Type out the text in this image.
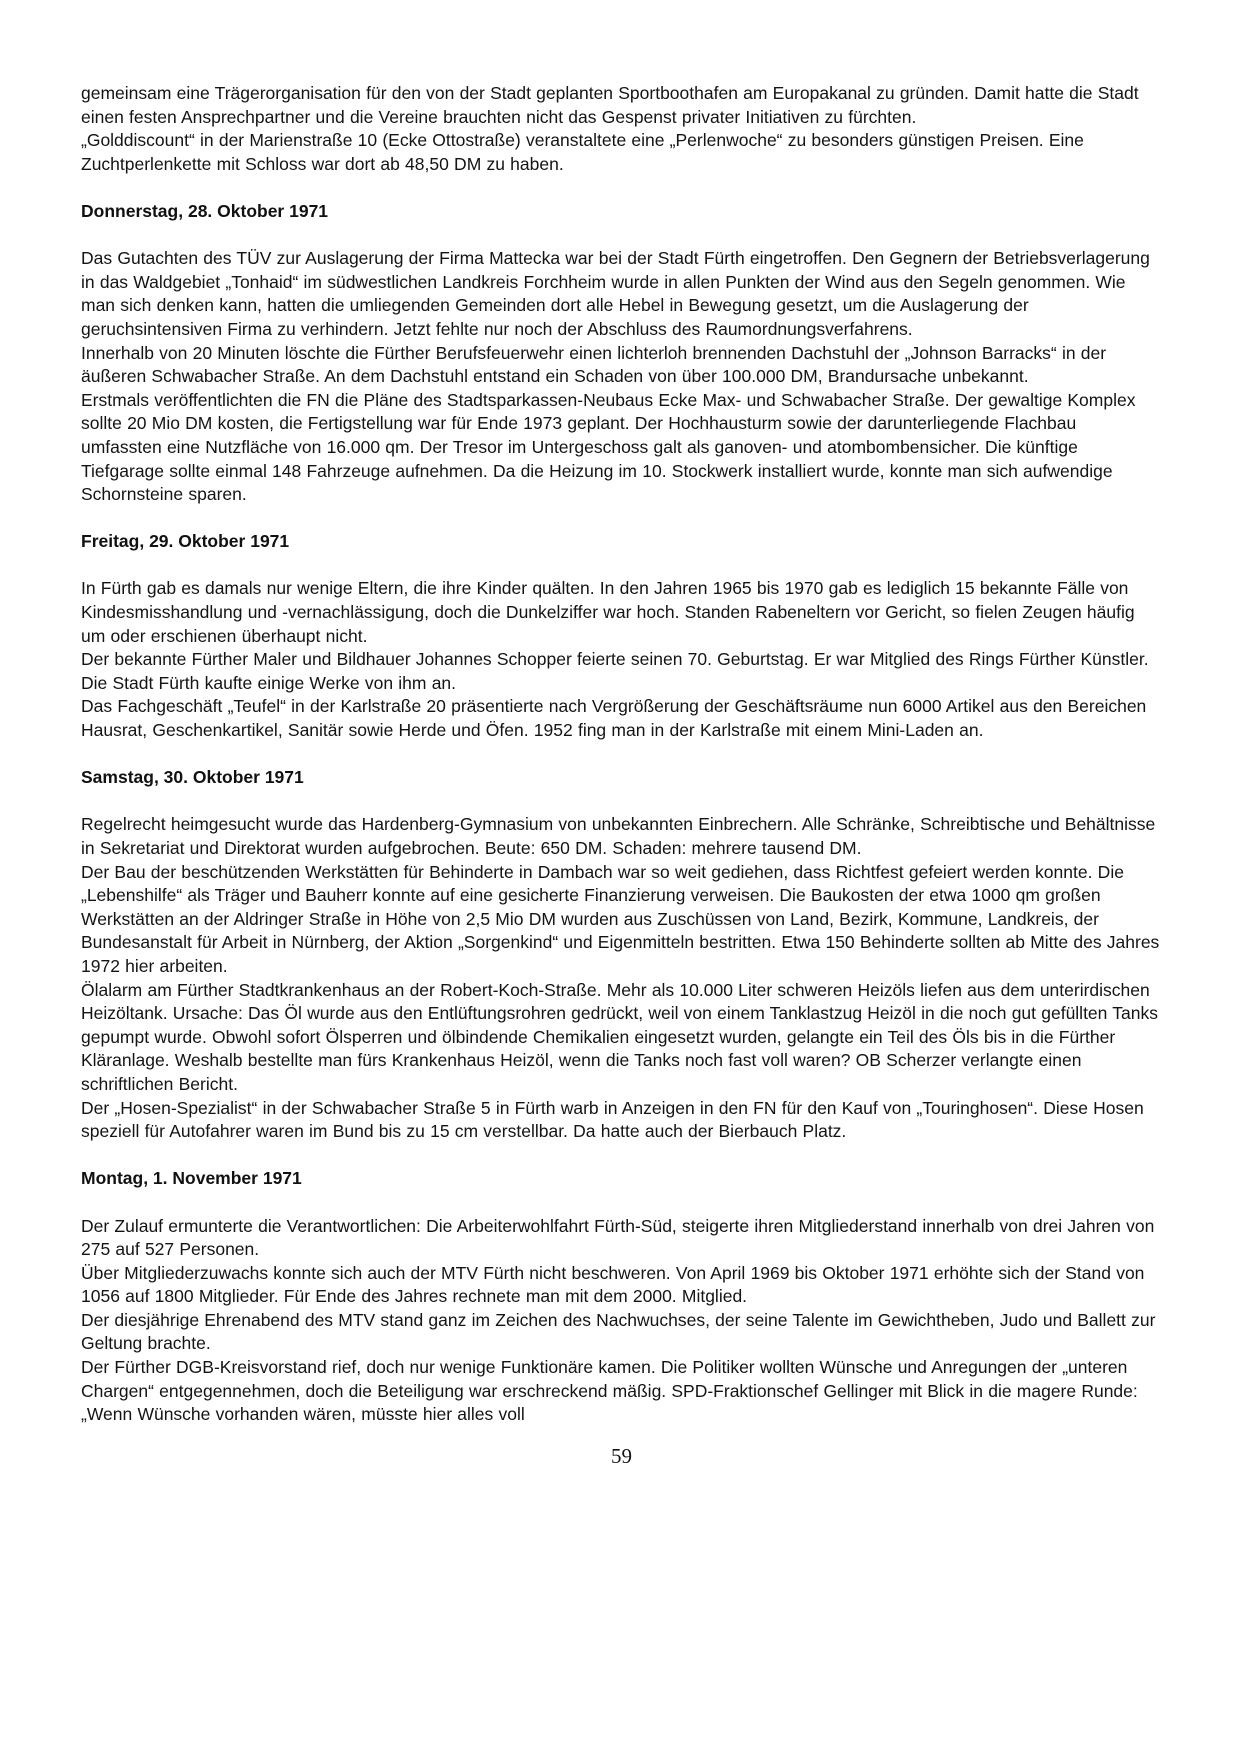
gemeinsam eine Trägerorganisation für den von der Stadt geplanten Sportboothafen am Europakanal zu gründen. Damit hatte die Stadt einen festen Ansprechpartner und die Vereine brauchten nicht das Gespenst privater Initiativen zu fürchten.

„Golddiscount“ in der Marienstraße 10 (Ecke Ottostraße) veranstaltete eine „Perlenwoche“ zu besonders günstigen Preisen. Eine Zuchtperlenkette mit Schloss war dort ab 48,50 DM zu haben.

Donnerstag, 28. Oktober 1971

Das Gutachten des TÜV zur Auslagerung der Firma Mattecka war bei der Stadt Fürth eingetroffen. Den Gegnern der Betriebsverlagerung in das Waldgebiet „Tonhaid“ im südwestlichen Landkreis Forchheim wurde in allen Punkten der Wind aus den Segeln genommen. Wie man sich denken kann, hatten die umliegenden Gemeinden dort alle Hebel in Bewegung gesetzt, um die Auslagerung der geruchsintensiven Firma zu verhindern. Jetzt fehlte nur noch der Abschluss des Raumordnungsverfahrens.

Innerhalb von 20 Minuten löschte die Fürther Berufsfeuerwehr einen lichterloh brennenden Dachstuhl der „Johnson Barracks“ in der äußeren Schwabacher Straße. An dem Dachstuhl entstand ein Schaden von über 100.000 DM, Brandursache unbekannt.

Erstmals veröffentlichten die FN die Pläne des Stadtsparkassen-Neubaus Ecke Max- und Schwabacher Straße. Der gewaltige Komplex sollte 20 Mio DM kosten, die Fertigstellung war für Ende 1973 geplant. Der Hochhausturm sowie der darunterliegende Flachbau umfassten eine Nutzfläche von 16.000 qm. Der Tresor im Untergeschoss galt als ganoven- und atombombensicher. Die künftige Tiefgarage sollte einmal 148 Fahrzeuge aufnehmen. Da die Heizung im 10. Stockwerk installiert wurde, konnte man sich aufwendige Schornsteine sparen.

Freitag, 29. Oktober 1971

In Fürth gab es damals nur wenige Eltern, die ihre Kinder quälten. In den Jahren 1965 bis 1970 gab es lediglich 15 bekannte Fälle von Kindesmisshandlung und -vernachlässigung, doch die Dunkelziffer war hoch. Standen Rabeneltern vor Gericht, so fielen Zeugen häufig um oder erschienen überhaupt nicht.

Der bekannte Fürther Maler und Bildhauer Johannes Schopper feierte seinen 70. Geburtstag. Er war Mitglied des Rings Fürther Künstler. Die Stadt Fürth kaufte einige Werke von ihm an.

Das Fachgeschäft „Teufel“ in der Karlstraße 20 präsentierte nach Vergrößerung der Geschäftsräume nun 6000 Artikel aus den Bereichen Hausrat, Geschenkartikel, Sanitär sowie Herde und Öfen. 1952 fing man in der Karlstraße mit einem Mini-Laden an.

Samstag, 30. Oktober 1971

Regelrecht heimgesucht wurde das Hardenberg-Gymnasium von unbekannten Einbrechern. Alle Schränke, Schreibtische und Behältnisse in Sekretariat und Direktorat wurden aufgebrochen. Beute: 650 DM. Schaden: mehrere tausend DM.

Der Bau der beschützenden Werkstätten für Behinderte in Dambach war so weit gediehen, dass Richtfest gefeiert werden konnte. Die „Lebenshilfe“ als Träger und Bauherr konnte auf eine gesicherte Finanzierung verweisen. Die Baukosten der etwa 1000 qm großen Werkstätten an der Aldringer Straße in Höhe von 2,5 Mio DM wurden aus Zuschüssen von Land, Bezirk, Kommune, Landkreis, der Bundesanstalt für Arbeit in Nürnberg, der Aktion „Sorgenkind“ und Eigenmitteln bestritten. Etwa 150 Behinderte sollten ab Mitte des Jahres 1972 hier arbeiten.

Ölalarm am Fürther Stadtkrankenhaus an der Robert-Koch-Straße. Mehr als 10.000 Liter schweren Heizöls liefen aus dem unterirdischen Heizöltank. Ursache: Das Öl wurde aus den Entlüftungsrohren gedrückt, weil von einem Tanklastzug Heizöl in die noch gut gefüllten Tanks gepumpt wurde. Obwohl sofort Ölsperren und ölbindende Chemikalien eingesetzt wurden, gelangte ein Teil des Öls bis in die Fürther Kläranlage. Weshalb bestellte man fürs Krankenhaus Heizöl, wenn die Tanks noch fast voll waren? OB Scherzer verlangte einen schriftlichen Bericht.

Der „Hosen-Spezialist“ in der Schwabacher Straße 5 in Fürth warb in Anzeigen in den FN für den Kauf von „Touringhosen“. Diese Hosen speziell für Autofahrer waren im Bund bis zu 15 cm verstellbar. Da hatte auch der Bierbauch Platz.

Montag, 1. November 1971

Der Zulauf ermunterte die Verantwortlichen: Die Arbeiterwohlfahrt Fürth-Süd, steigerte ihren Mitgliederstand innerhalb von drei Jahren von 275 auf 527 Personen.

Über Mitgliederzuwachs konnte sich auch der MTV Fürth nicht beschweren. Von April 1969 bis Oktober 1971 erhöhte sich der Stand von 1056 auf 1800 Mitglieder. Für Ende des Jahres rechnete man mit dem 2000. Mitglied.

Der diesjährige Ehrenabend des MTV stand ganz im Zeichen des Nachwuchses, der seine Talente im Gewichtheben, Judo und Ballett zur Geltung brachte.

Der Fürther DGB-Kreisvorstand rief, doch nur wenige Funktionäre kamen. Die Politiker wollten Wünsche und Anregungen der „unteren Chargen“ entgegennehmen, doch die Beteiligung war erschreckend mäßig. SPD-Fraktionschef Gellinger mit Blick in die magere Runde: „Wenn Wünsche vorhanden wären, müsste hier alles voll

59
